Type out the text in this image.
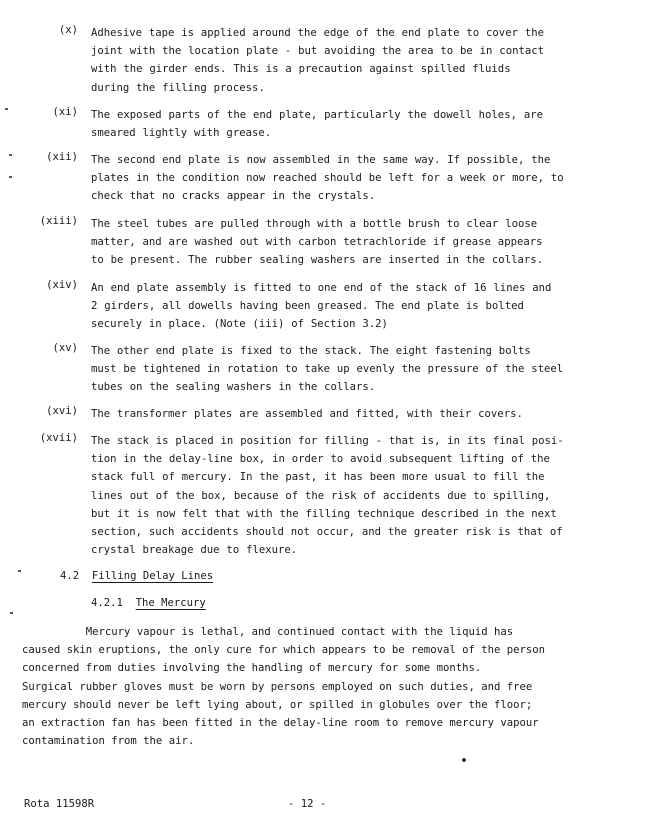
(x) Adhesive tape is applied around the edge of the end plate to cover the
joint with the location plate - but avoiding the area to be in contact
with the girder ends. This is a precaution against spilled fluids
during the filling process.
(xi) The exposed parts of the end plate, particularly the dowell holes, are
smeared lightly with grease.
(xii) The second end plate is now assembled in the same way. If possible, the
plates in the condition now reached should be left for a week or more, to
check that no cracks appear in the crystals.
(xiii) The steel tubes are pulled through with a bottle brush to clear loose
matter, and are washed out with carbon tetrachloride if grease appears
to be present. The rubber sealing washers are inserted in the collars.
(xiv) An end plate assembly is fitted to one end of the stack of 16 lines and
2 girders, all dowells having been greased. The end plate is bolted
securely in place. (Note (iii) of Section 3.2)
(xv) The other end plate is fixed to the stack. The eight fastening bolts
must be tightened in rotation to take up evenly the pressure of the steel
tubes on the sealing washers in the collars.
(xvi) The transformer plates are assembled and fitted, with their covers.
(xvii) The stack is placed in position for filling - that is, in its final posi-
tion in the delay-line box, in order to avoid subsequent lifting of the
stack full of mercury. In the past, it has been more usual to fill the
lines out of the box, because of the risk of accidents due to spilling,
but it is now felt that with the filling technique described in the next
section, such accidents should not occur, and the greater risk is that of
crystal breakage due to flexure.
4.2 Filling Delay Lines
4.2.1 The Mercury
Mercury vapour is lethal, and continued contact with the liquid has
caused skin eruptions, the only cure for which appears to be removal of the person
concerned from duties involving the handling of mercury for some months.
Surgical rubber gloves must be worn by persons employed on such duties, and free
mercury should never be left lying about, or spilled in globules over the floor;
an extraction fan has been fitted in the delay-line room to remove mercury vapour
contamination from the air.
Rota 11598R	- 12 -
